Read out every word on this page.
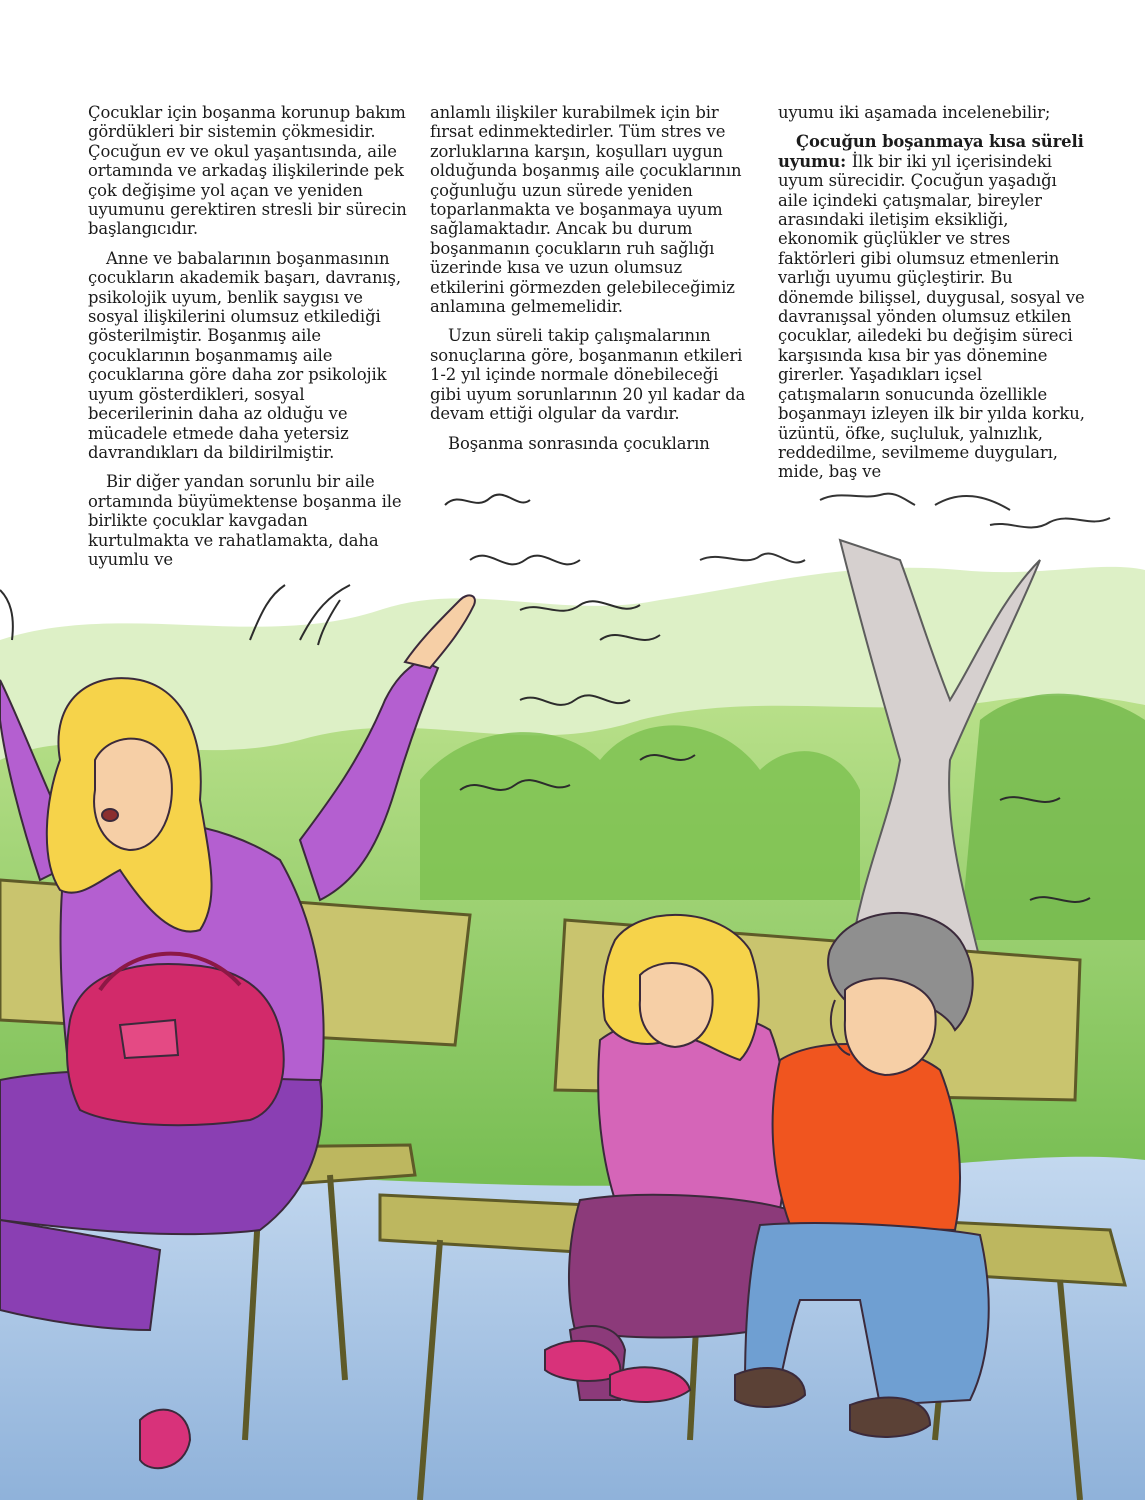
Çocuklar için boşanma korunup bakım gördükleri bir sistemin çökmesidir. Çocuğun ev ve okul yaşantısında, aile ortamında ve arkadaş ilişkilerinde pek çok değişime yol açan ve yeniden uyumunu gerektiren stresli bir sürecin başlangıcıdır.

Anne ve babalarının boşanmasının çocukların akademik başarı, davranış, psikolojik uyum, benlik saygısı ve sosyal ilişkilerini olumsuz etkilediği gösterilmiştir. Boşanmış aile çocuklarının boşanmamış aile çocuklarına göre daha zor psikolojik uyum gösterdikleri, sosyal becerilerinin daha az olduğu ve mücadele etmede daha yetersiz davrandıkları da bildirilmiştir.

Bir diğer yandan sorunlu bir aile ortamında büyümektense boşanma ile birlikte çocuklar kavgadan kurtulmakta ve rahatlamakta, daha uyumlu ve

anlamlı ilişkiler kurabilmek için bir fırsat edinmektedirler. Tüm stres ve zorluklarına karşın, koşulları uygun olduğunda boşanmış aile çocuklarının çoğunluğu uzun sürede yeniden toparlanmakta ve boşanmaya uyum sağlamaktadır. Ancak bu durum boşanmanın çocukların ruh sağlığı üzerinde kısa ve uzun olumsuz etkilerini görmezden gelebileceğimiz anlamına gelmemelidir.

Uzun süreli takip çalışmalarının sonuçlarına göre, boşanmanın etkileri 1-2 yıl içinde normale dönebileceği gibi uyum sorunlarının 20 yıl kadar da devam ettiği olgular da vardır.

Boşanma sonrasında çocukların

uyumu iki aşamada incelenebilir;

Çocuğun boşanmaya kısa süreli uyumu: İlk bir iki yıl içerisindeki uyum sürecidir. Çocuğun yaşadığı aile içindeki çatışmalar, bireyler arasındaki iletişim eksikliği, ekonomik güçlükler ve stres faktörleri gibi olumsuz etmenlerin varlığı uyumu güçleştirir. Bu dönemde bilişsel, duygusal, sosyal ve davranışsal yönden olumsuz etkilen çocuklar, ailedeki bu değişim süreci karşısında kısa bir yas dönemine girerler. Yaşadıkları içsel çatışmaların sonucunda özellikle boşanmayı izleyen ilk bir yılda korku, üzüntü, öfke, suçluluk, yalnızlık, reddedilme, sevilmeme duyguları, mide, baş ve
